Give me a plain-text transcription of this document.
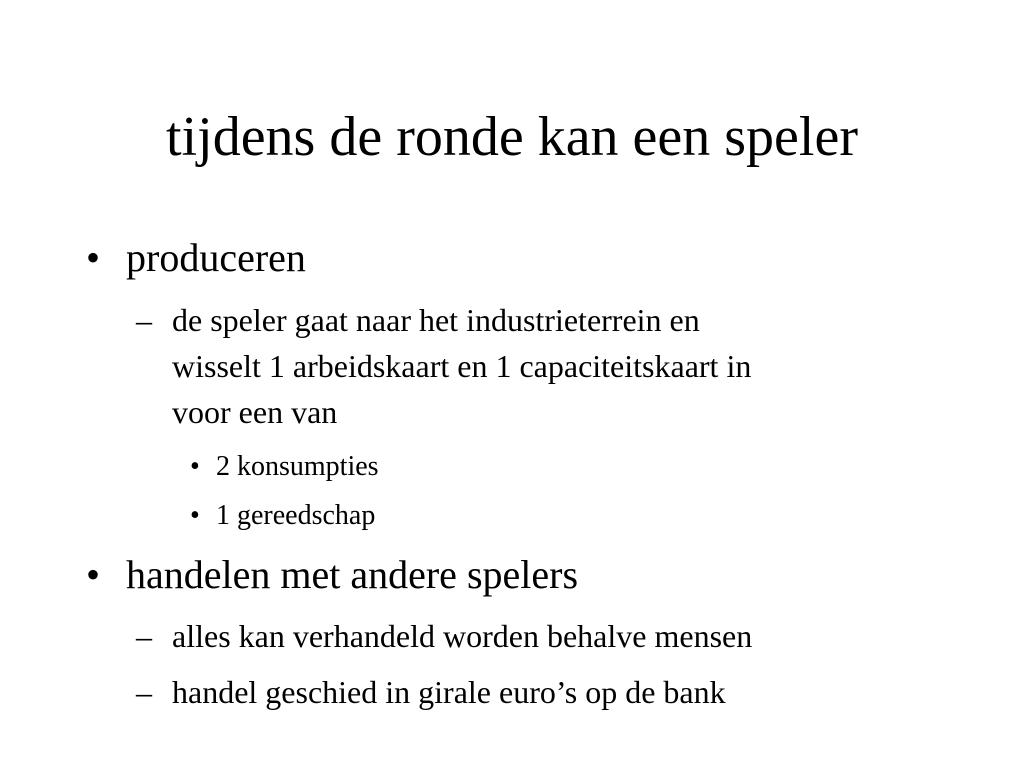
tijdens de ronde kan een speler
• produceren
– de speler gaat naar het industrieterrein en
wisselt 1 arbeidskaart en 1 capaciteitskaart in
voor een van
• 2 konsumpties
• 1 gereedschap
• handelen met andere spelers
– alles kan verhandeld worden behalve mensen
– handel geschied in girale euro’s op de bank
